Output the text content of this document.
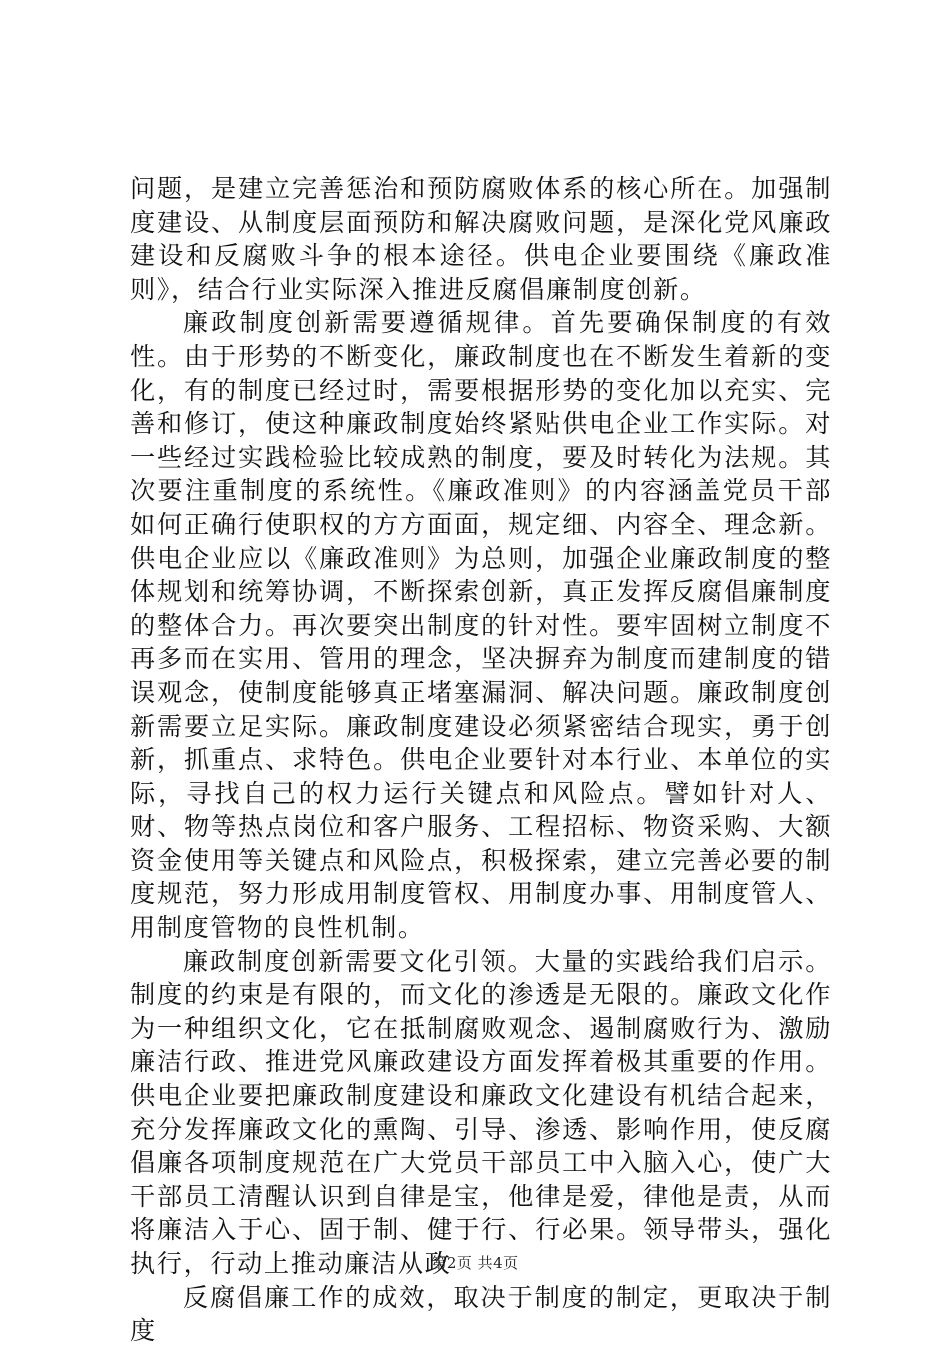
问题，是建立完善惩治和预防腐败体系的核心所在。加强制度建设、从制度层面预防和解决腐败问题，是深化党风廉政建设和反腐败斗争的根本途径。供电企业要围绕《廉政准则》，结合行业实际深入推进反腐倡廉制度创新。

廉政制度创新需要遵循规律。首先要确保制度的有效性。由于形势的不断变化，廉政制度也在不断发生着新的变化，有的制度已经过时，需要根据形势的变化加以充实、完善和修订，使这种廉政制度始终紧贴供电企业工作实际。对一些经过实践检验比较成熟的制度，要及时转化为法规。其次要注重制度的系统性。《廉政准则》的内容涵盖党员干部如何正确行使职权的方方面面，规定细、内容全、理念新。供电企业应以《廉政准则》为总则，加强企业廉政制度的整体规划和统筹协调，不断探索创新，真正发挥反腐倡廉制度的整体合力。再次要突出制度的针对性。要牢固树立制度不再多而在实用、管用的理念，坚决摒弃为制度而建制度的错误观念，使制度能够真正堵塞漏洞、解决问题。廉政制度创新需要立足实际。廉政制度建设必须紧密结合现实，勇于创新，抓重点、求特色。供电企业要针对本行业、本单位的实际，寻找自己的权力运行关键点和风险点。譬如针对人、财、物等热点岗位和客户服务、工程招标、物资采购、大额资金使用等关键点和风险点，积极探索，建立完善必要的制度规范，努力形成用制度管权、用制度办事、用制度管人、用制度管物的良性机制。

廉政制度创新需要文化引领。大量的实践给我们启示。制度的约束是有限的，而文化的渗透是无限的。廉政文化作为一种组织文化，它在抵制腐败观念、遏制腐败行为、激励廉洁行政、推进党风廉政建设方面发挥着极其重要的作用。供电企业要把廉政制度建设和廉政文化建设有机结合起来，充分发挥廉政文化的熏陶、引导、渗透、影响作用，使反腐倡廉各项制度规范在广大党员干部员工中入脑入心，使广大干部员工清醒认识到自律是宝，他律是爱，律他是责，从而将廉洁入于心、固于制、健于行、行必果。领导带头，强化执行，行动上推动廉洁从政

反腐倡廉工作的成效，取决于制度的制定，更取决于制度

第2页 共4页
